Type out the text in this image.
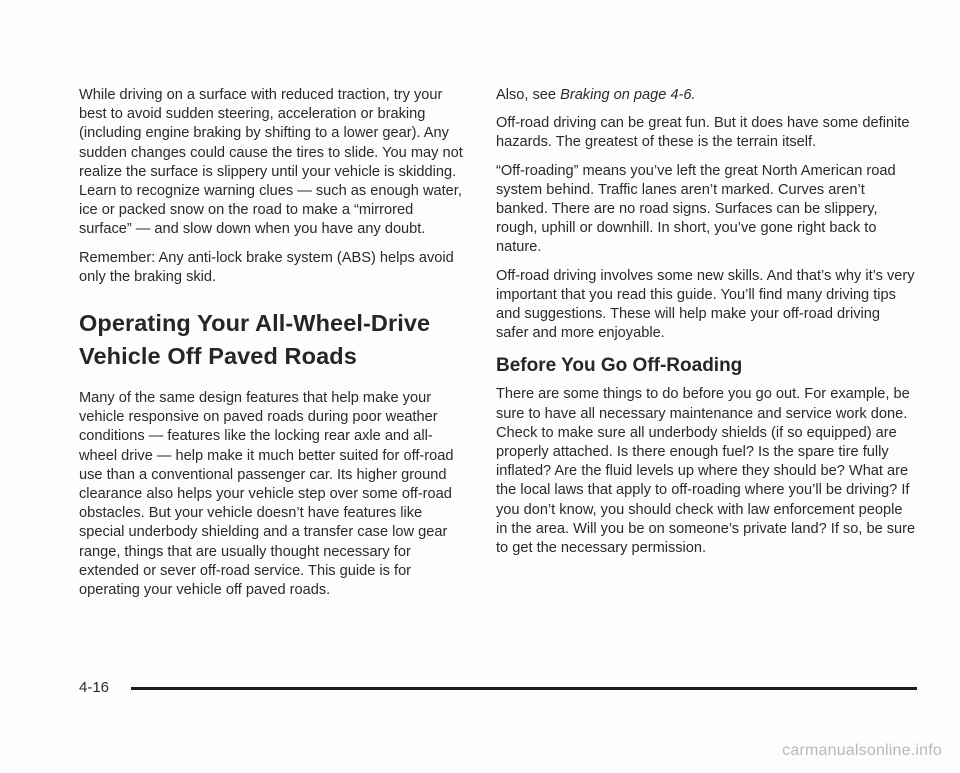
While driving on a surface with reduced traction, try your best to avoid sudden steering, acceleration or braking (including engine braking by shifting to a lower gear). Any sudden changes could cause the tires to slide. You may not realize the surface is slippery until your vehicle is skidding. Learn to recognize warning clues — such as enough water, ice or packed snow on the road to make a “mirrored surface” — and slow down when you have any doubt.

Remember: Any anti-lock brake system (ABS) helps avoid only the braking skid.

Operating Your All-Wheel-Drive Vehicle Off Paved Roads

Many of the same design features that help make your vehicle responsive on paved roads during poor weather conditions — features like the locking rear axle and all-wheel drive — help make it much better suited for off-road use than a conventional passenger car. Its higher ground clearance also helps your vehicle step over some off-road obstacles. But your vehicle doesn’t have features like special underbody shielding and a transfer case low gear range, things that are usually thought necessary for extended or sever off-road service. This guide is for operating your vehicle off paved roads.

Also, see Braking on page 4-6.

Off-road driving can be great fun. But it does have some definite hazards. The greatest of these is the terrain itself.

“Off-roading” means you’ve left the great North American road system behind. Traffic lanes aren’t marked. Curves aren’t banked. There are no road signs. Surfaces can be slippery, rough, uphill or downhill. In short, you’ve gone right back to nature.

Off-road driving involves some new skills. And that’s why it’s very important that you read this guide. You’ll find many driving tips and suggestions. These will help make your off-road driving safer and more enjoyable.

Before You Go Off-Roading

There are some things to do before you go out. For example, be sure to have all necessary maintenance and service work done. Check to make sure all underbody shields (if so equipped) are properly attached. Is there enough fuel? Is the spare tire fully inflated? Are the fluid levels up where they should be? What are the local laws that apply to off-roading where you’ll be driving? If you don’t know, you should check with law enforcement people in the area. Will you be on someone’s private land? If so, be sure to get the necessary permission.

4-16
carmanualsonline.info
